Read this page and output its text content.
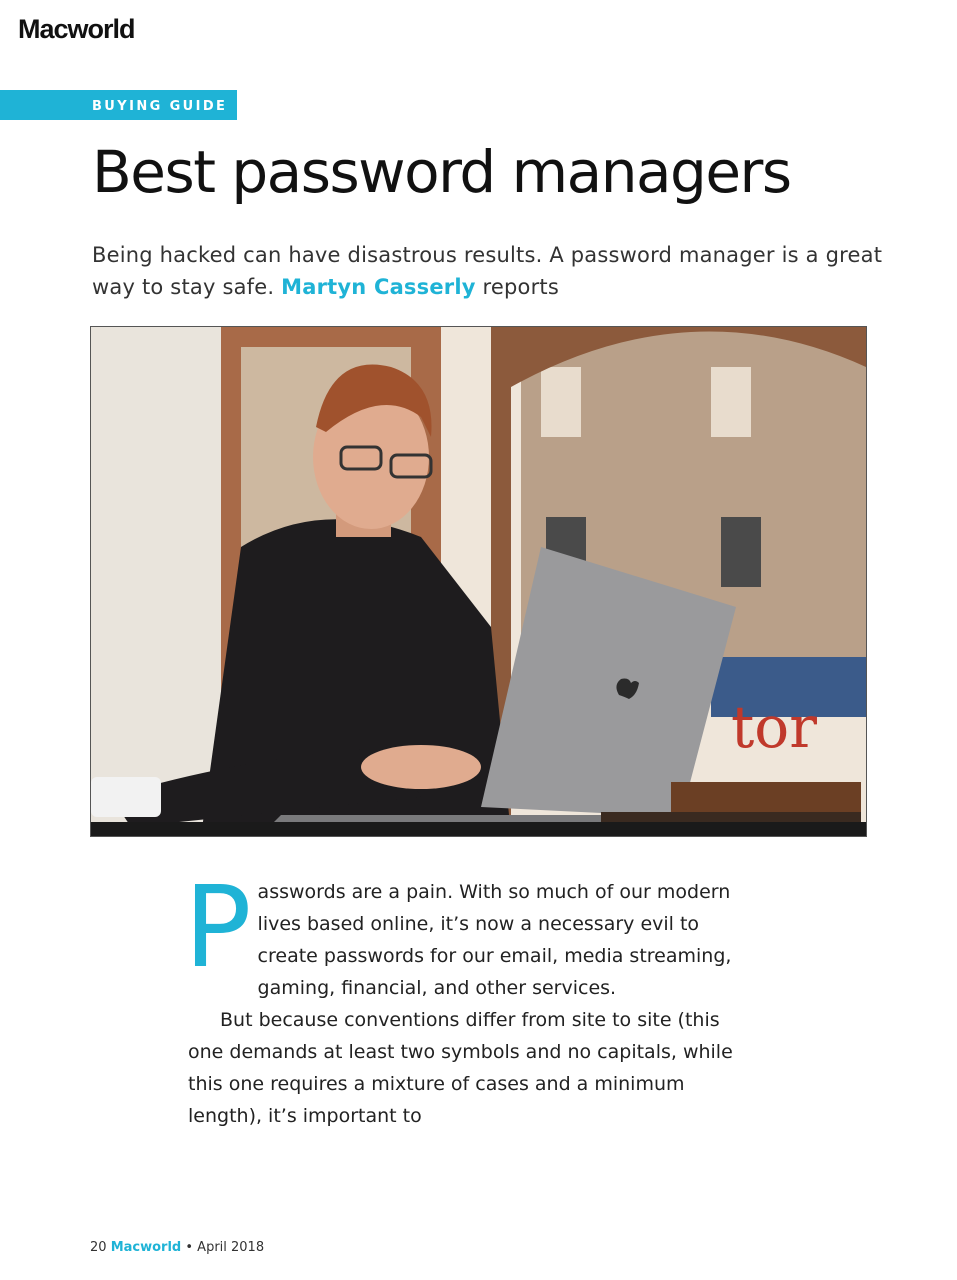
Macworld
BUYING GUIDE
Best password managers
Being hacked can have disastrous results. A password manager is a great way to stay safe. Martyn Casserly reports
tor

Passwords are a pain. With so much of our modern lives based online, it’s now a necessary evil to create passwords for our email, media streaming, gaming, financial, and other services.

But because conventions differ from site to site (this one demands at least two symbols and no capitals, while this one requires a mixture of cases and a minimum length), it’s important to

20 Macworld • April 2018
